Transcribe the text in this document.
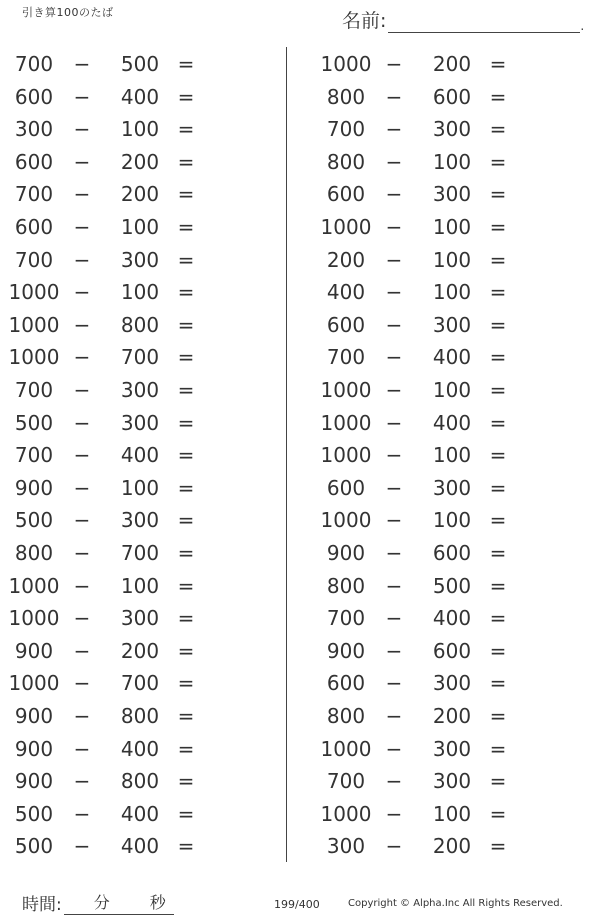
引き算100のたば	名前:	.
700	−	500 =
600	−	400 =
300	−	100 =
600	−	200 =
700	−	200 =
600	−	100 =
700	−	300 =
1000 −	100 =
1000 −	800 =
1000 −	700 =
700	−	300 =
500	−	300 =
700	−	400 =
900	−	100 =
500	−	300 =
800	−	700 =
1000 −	100 =
1000 −	300 =
900	−	200 =
1000 −	700 =
900	−	800 =
900	−	400 =
900	−	800 =
500	−	400 =
500	−	400 =
1000 −	200 =
800	−	600 =
700	−	300 =
800	−	100 =
600	−	300 =
1000 −	100 =
200	−	100 =
400	−	100 =
600	−	300 =
700	−	400 =
1000 −	100 =
1000 −	400 =
1000 −	100 =
600	−	300 =
1000 −	100 =
900	−	600 =
800	−	500 =
700	−	400 =
900	−	600 =
600	−	300 =
800	−	200 =
1000 −	300 =
700	−	300 =
1000 −	100 =
300	−	200 =
時間: 分 秒	199/400	Copyright © Alpha.Inc All Rights Reserved.
